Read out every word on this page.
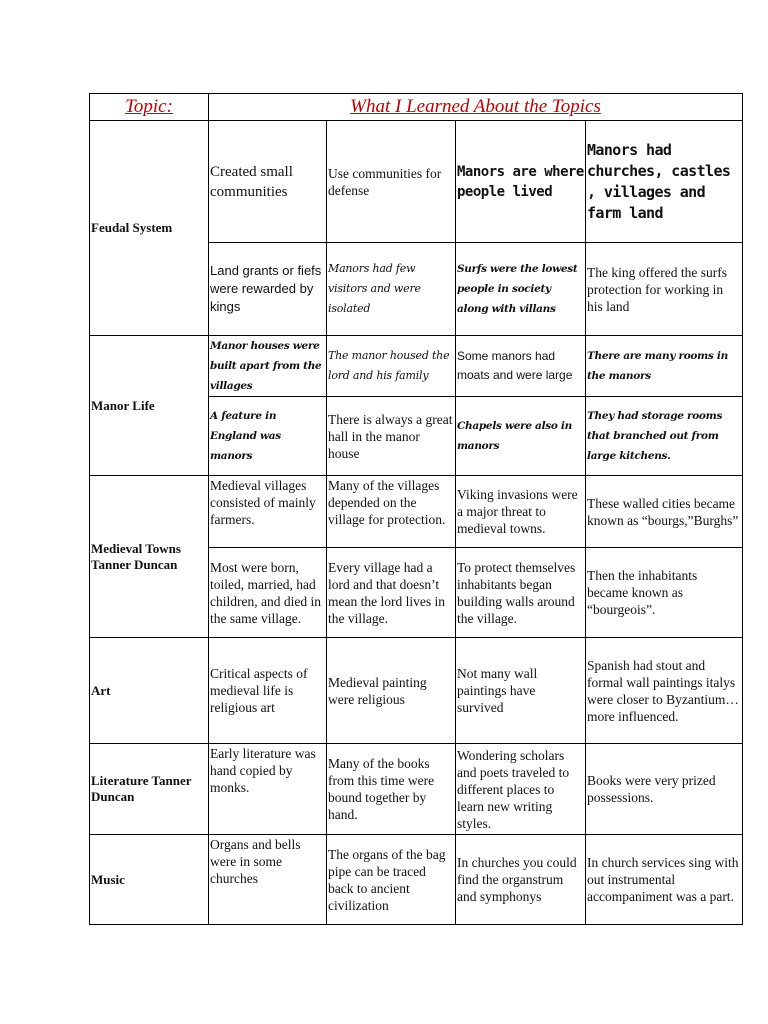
Topic:	What I Learned About the Topics			
Feudal System	Created small communities	Use communities for defense	Manors are where people lived	Manors had churches, castles , villages and farm land
	Land grants or fiefs were rewarded by kings	Manors had few visitors and were isolated	Surfs were the lowest people in society along with villans	The king offered the surfs protection for working in his land
Manor Life	Manor houses were built apart from the villages	The manor housed the lord and his family	Some manors had moats and were large	There are many rooms in the manors
	A feature in England was manors	There is always a great hall in the manor house	Chapels were also in manors	They had storage rooms that branched out from large kitchens.
Medieval Towns Tanner Duncan	Medieval villages consisted of mainly farmers.	Many of the villages depended on the village for protection.	Viking invasions were a major threat to medieval towns.	These walled cities became known as “bourgs,”Burghs”
	Most were born, toiled, married, had children, and died in the same village.	Every village had a lord and that doesn’t mean the lord lives in the village.	To protect themselves inhabitants began building walls around the village.	Then the inhabitants became known as “bourgeois”.
Art	Critical aspects of medieval life is religious art	Medieval painting were religious	Not many wall paintings have survived	Spanish had stout and formal wall paintings italys were closer to Byzantium…more influenced.
Literature Tanner Duncan	Early literature was hand copied by monks.	Many of the books from this time were bound together by hand.	Wondering scholars and poets traveled to different places to learn new writing styles.	Books were very prized possessions.
Music	Organs and bells were in some churches	The organs of the bag pipe can be traced back to ancient civilization	In churches you could find the organstrum and symphonys	In church services sing with out instrumental accompaniment was a part.
